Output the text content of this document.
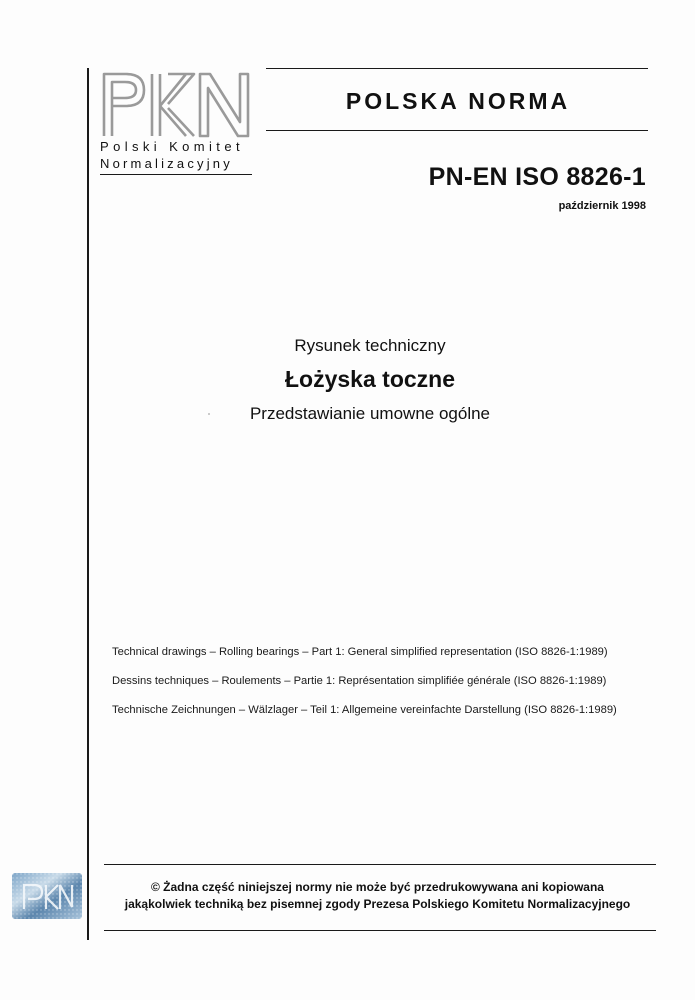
Polski Komitet
Normalizacyjny
POLSKA NORMA
PN-EN ISO 8826-1
październik 1998
Rysunek techniczny
Łożyska toczne
Przedstawianie umowne ogólne
Technical drawings – Rolling bearings – Part 1: General simplified representation (ISO 8826-1:1989)
Dessins techniques – Roulements – Partie 1: Représentation simplifiée générale (ISO 8826-1:1989)
Technische Zeichnungen – Wälzlager – Teil 1: Allgemeine vereinfachte Darstellung (ISO 8826-1:1989)
© Żadna część niniejszej normy nie może być przedrukowywana ani kopiowana
jakąkolwiek techniką bez pisemnej zgody Prezesa Polskiego Komitetu Normalizacyjnego
